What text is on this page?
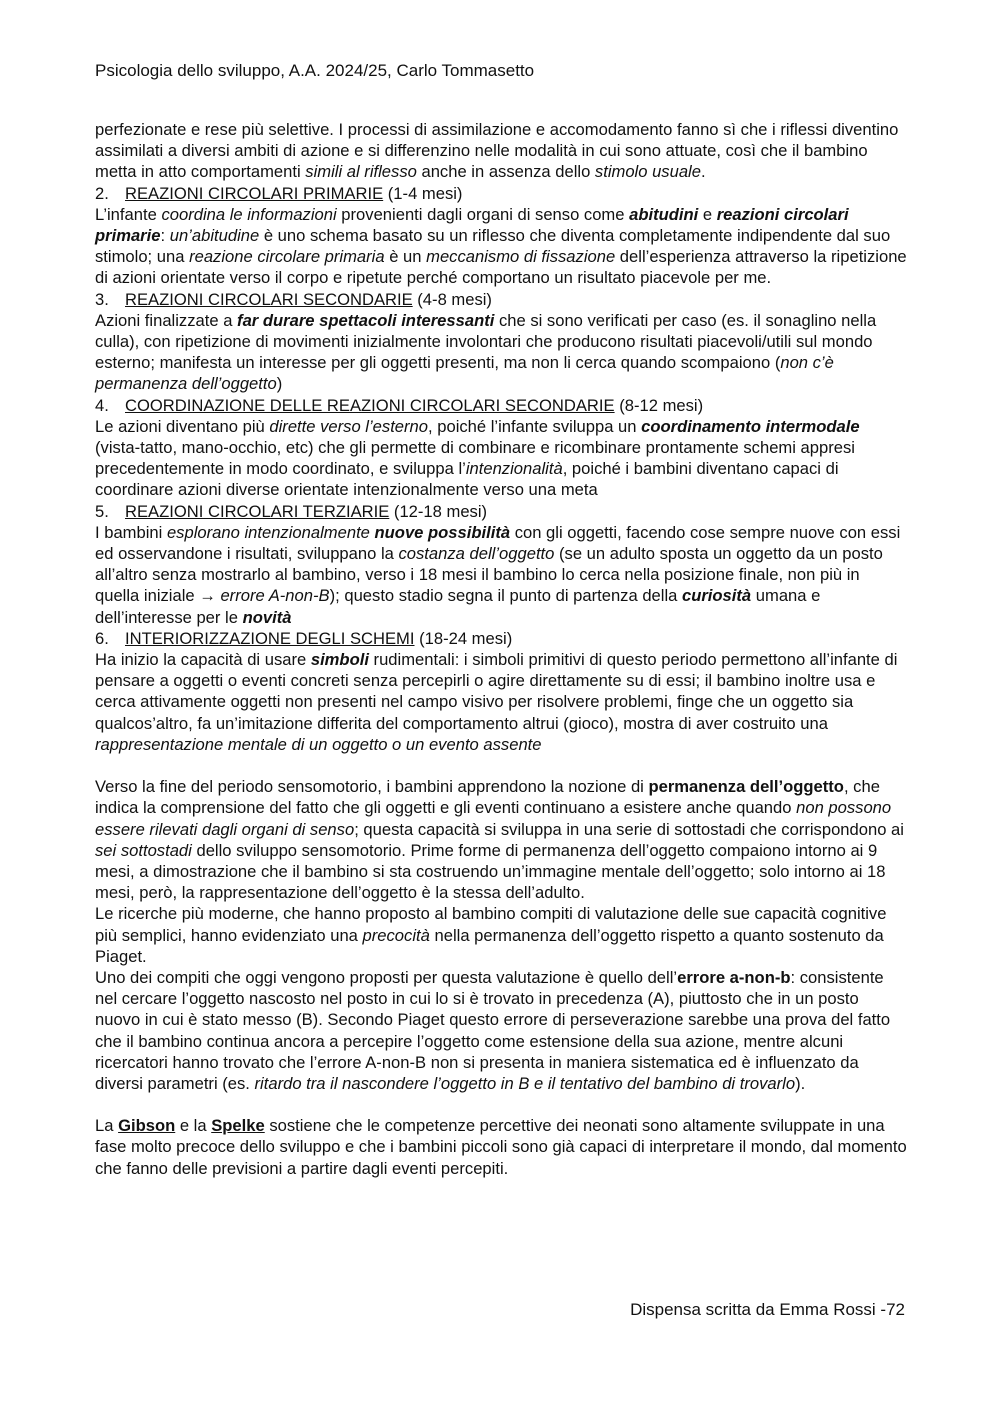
Psicologia dello sviluppo, A.A. 2024/25, Carlo Tommasetto

perfezionate e rese più selettive. I processi di assimilazione e accomodamento fanno sì che i riflessi diventino assimilati a diversi ambiti di azione e si differenzino nelle modalità in cui sono attuate, così che il bambino metta in atto comportamenti simili al riflesso anche in assenza dello stimolo usuale.

2. REAZIONI CIRCOLARI PRIMARIE (1-4 mesi)

L’infante coordina le informazioni provenienti dagli organi di senso come abitudini e reazioni circolari primarie: un’abitudine è uno schema basato su un riflesso che diventa completamente indipendente dal suo stimolo; una reazione circolare primaria è un meccanismo di fissazione dell’esperienza attraverso la ripetizione di azioni orientate verso il corpo e ripetute perché comportano un risultato piacevole per me.

3. REAZIONI CIRCOLARI SECONDARIE (4-8 mesi)

Azioni finalizzate a far durare spettacoli interessanti che si sono verificati per caso (es. il sonaglino nella culla), con ripetizione di movimenti inizialmente involontari che producono risultati piacevoli/utili sul mondo esterno; manifesta un interesse per gli oggetti presenti, ma non li cerca quando scompaiono (non c’è permanenza dell’oggetto)

4. COORDINAZIONE DELLE REAZIONI CIRCOLARI SECONDARIE (8-12 mesi)

Le azioni diventano più dirette verso l’esterno, poiché l’infante sviluppa un coordinamento intermodale (vista-tatto, mano-occhio, etc) che gli permette di combinare e ricombinare prontamente schemi appresi precedentemente in modo coordinato, e sviluppa l’intenzionalità, poiché i bambini diventano capaci di coordinare azioni diverse orientate intenzionalmente verso una meta

5. REAZIONI CIRCOLARI TERZIARIE (12-18 mesi)

I bambini esplorano intenzionalmente nuove possibilità con gli oggetti, facendo cose sempre nuove con essi ed osservandone i risultati, sviluppano la costanza dell’oggetto (se un adulto sposta un oggetto da un posto all’altro senza mostrarlo al bambino, verso i 18 mesi il bambino lo cerca nella posizione finale, non più in quella iniziale → errore A-non-B); questo stadio segna il punto di partenza della curiosità umana e dell’interesse per le novità

6. INTERIORIZZAZIONE DEGLI SCHEMI (18-24 mesi)

Ha inizio la capacità di usare simboli rudimentali: i simboli primitivi di questo periodo permettono all’infante di pensare a oggetti o eventi concreti senza percepirli o agire direttamente su di essi; il bambino inoltre usa e cerca attivamente oggetti non presenti nel campo visivo per risolvere problemi, finge che un oggetto sia qualcos’altro, fa un’imitazione differita del comportamento altrui (gioco), mostra di aver costruito una rappresentazione mentale di un oggetto o un evento assente

Verso la fine del periodo sensomotorio, i bambini apprendono la nozione di permanenza dell’oggetto, che indica la comprensione del fatto che gli oggetti e gli eventi continuano a esistere anche quando non possono essere rilevati dagli organi di senso; questa capacità si sviluppa in una serie di sottostadi che corrispondono ai sei sottostadi dello sviluppo sensomotorio. Prime forme di permanenza dell’oggetto compaiono intorno ai 9 mesi, a dimostrazione che il bambino si sta costruendo un’immagine mentale dell’oggetto; solo intorno ai 18 mesi, però, la rappresentazione dell’oggetto è la stessa dell’adulto.

Le ricerche più moderne, che hanno proposto al bambino compiti di valutazione delle sue capacità cognitive più semplici, hanno evidenziato una precocità nella permanenza dell’oggetto rispetto a quanto sostenuto da Piaget.

Uno dei compiti che oggi vengono proposti per questa valutazione è quello dell’errore a-non-b: consistente nel cercare l’oggetto nascosto nel posto in cui lo si è trovato in precedenza (A), piuttosto che in un posto nuovo in cui è stato messo (B). Secondo Piaget questo errore di perseverazione sarebbe una prova del fatto che il bambino continua ancora a percepire l’oggetto come estensione della sua azione, mentre alcuni ricercatori hanno trovato che l’errore A-non-B non si presenta in maniera sistematica ed è influenzato da diversi parametri (es. ritardo tra il nascondere l’oggetto in B e il tentativo del bambino di trovarlo).

La Gibson e la Spelke sostiene che le competenze percettive dei neonati sono altamente sviluppate in una fase molto precoce dello sviluppo e che i bambini piccoli sono già capaci di interpretare il mondo, dal momento che fanno delle previsioni a partire dagli eventi percepiti.

Dispensa scritta da Emma Rossi -72
